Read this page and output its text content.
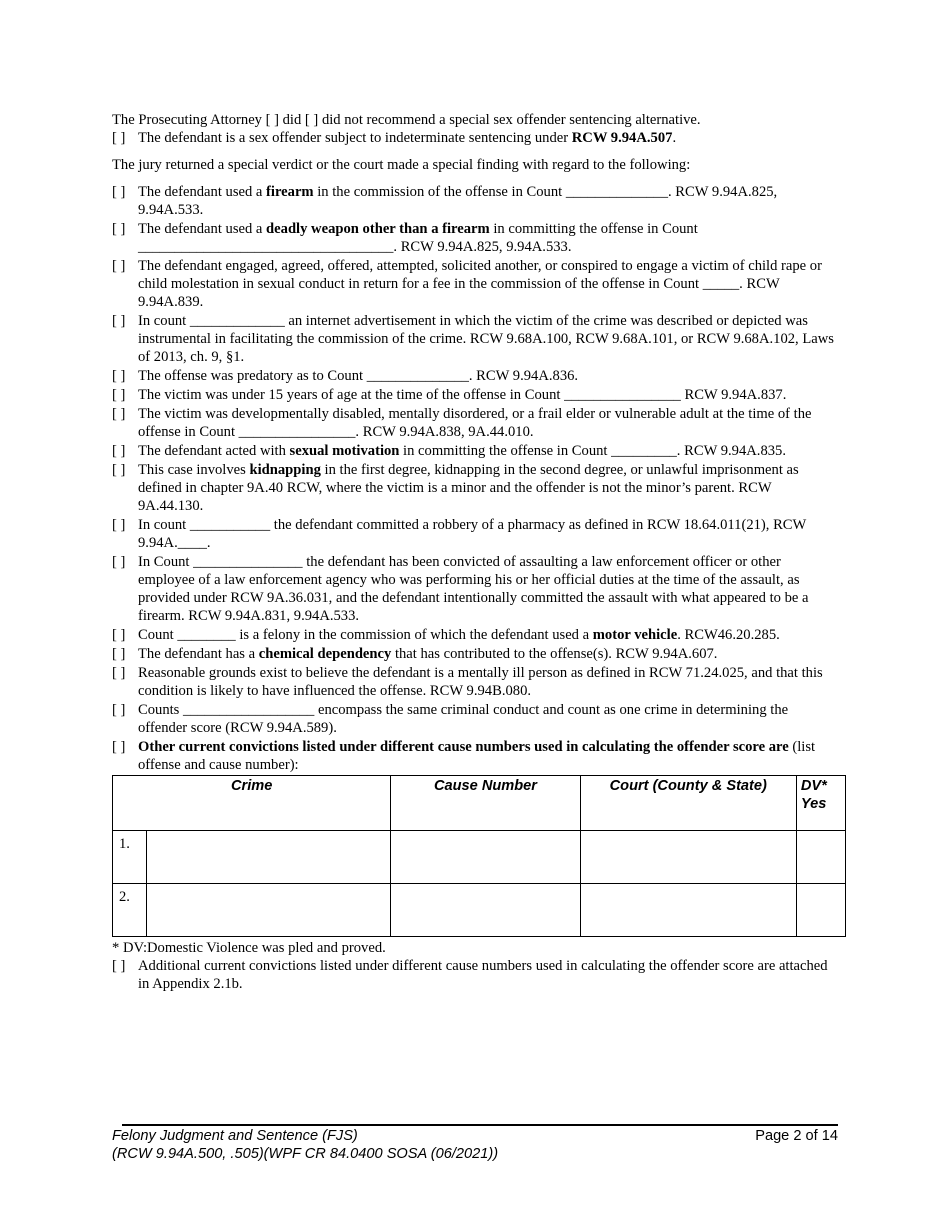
The Prosecuting Attorney [ ] did [ ] did not recommend a special sex offender sentencing alternative.

[ ] The defendant is a sex offender subject to indeterminate sentencing under RCW 9.94A.507.

The jury returned a special verdict or the court made a special finding with regard to the following:

[ ] The defendant used a firearm in the commission of the offense in Count ______________. RCW 9.94A.825, 9.94A.533.
[ ] The defendant used a deadly weapon other than a firearm in committing the offense in Count ___________________________________. RCW 9.94A.825, 9.94A.533.
[ ] The defendant engaged, agreed, offered, attempted, solicited another, or conspired to engage a victim of child rape or child molestation in sexual conduct in return for a fee in the commission of the offense in Count _____. RCW 9.94A.839.
[ ] In count _____________ an internet advertisement in which the victim of the crime was described or depicted was instrumental in facilitating the commission of the crime. RCW 9.68A.100, RCW 9.68A.101, or RCW 9.68A.102, Laws of 2013, ch. 9, §1.
[ ] The offense was predatory as to Count ______________. RCW 9.94A.836.
[ ] The victim was under 15 years of age at the time of the offense in Count ________________ RCW 9.94A.837.
[ ] The victim was developmentally disabled, mentally disordered, or a frail elder or vulnerable adult at the time of the offense in Count ________________. RCW 9.94A.838, 9A.44.010.
[ ] The defendant acted with sexual motivation in committing the offense in Count _________. RCW 9.94A.835.
[ ] This case involves kidnapping in the first degree, kidnapping in the second degree, or unlawful imprisonment as defined in chapter 9A.40 RCW, where the victim is a minor and the offender is not the minor’s parent. RCW 9A.44.130.
[ ] In count ___________ the defendant committed a robbery of a pharmacy as defined in RCW 18.64.011(21), RCW 9.94A.____.
[ ] In Count _______________ the defendant has been convicted of assaulting a law enforcement officer or other employee of a law enforcement agency who was performing his or her official duties at the time of the assault, as provided under RCW 9A.36.031, and the defendant intentionally committed the assault with what appeared to be a firearm. RCW 9.94A.831, 9.94A.533.
[ ] Count ________ is a felony in the commission of which the defendant used a motor vehicle. RCW46.20.285.
[ ] The defendant has a chemical dependency that has contributed to the offense(s). RCW 9.94A.607.
[ ] Reasonable grounds exist to believe the defendant is a mentally ill person as defined in RCW 71.24.025, and that this condition is likely to have influenced the offense. RCW 9.94B.080.
[ ] Counts __________________ encompass the same criminal conduct and count as one crime in determining the offender score (RCW 9.94A.589).
[ ] Other current convictions listed under different cause numbers used in calculating the offender score are (list offense and cause number):
Crime		Cause Number	Court (County & State)	DV* Yes
1.				
2.				

* DV:Domestic Violence was pled and proved.

[ ] Additional current convictions listed under different cause numbers used in calculating the offender score are attached in Appendix 2.1b.
Felony Judgment and Sentence (FJS)
(RCW 9.94A.500, .505)(WPF CR 84.0400 SOSA (06/2021))
Page 2 of 14
